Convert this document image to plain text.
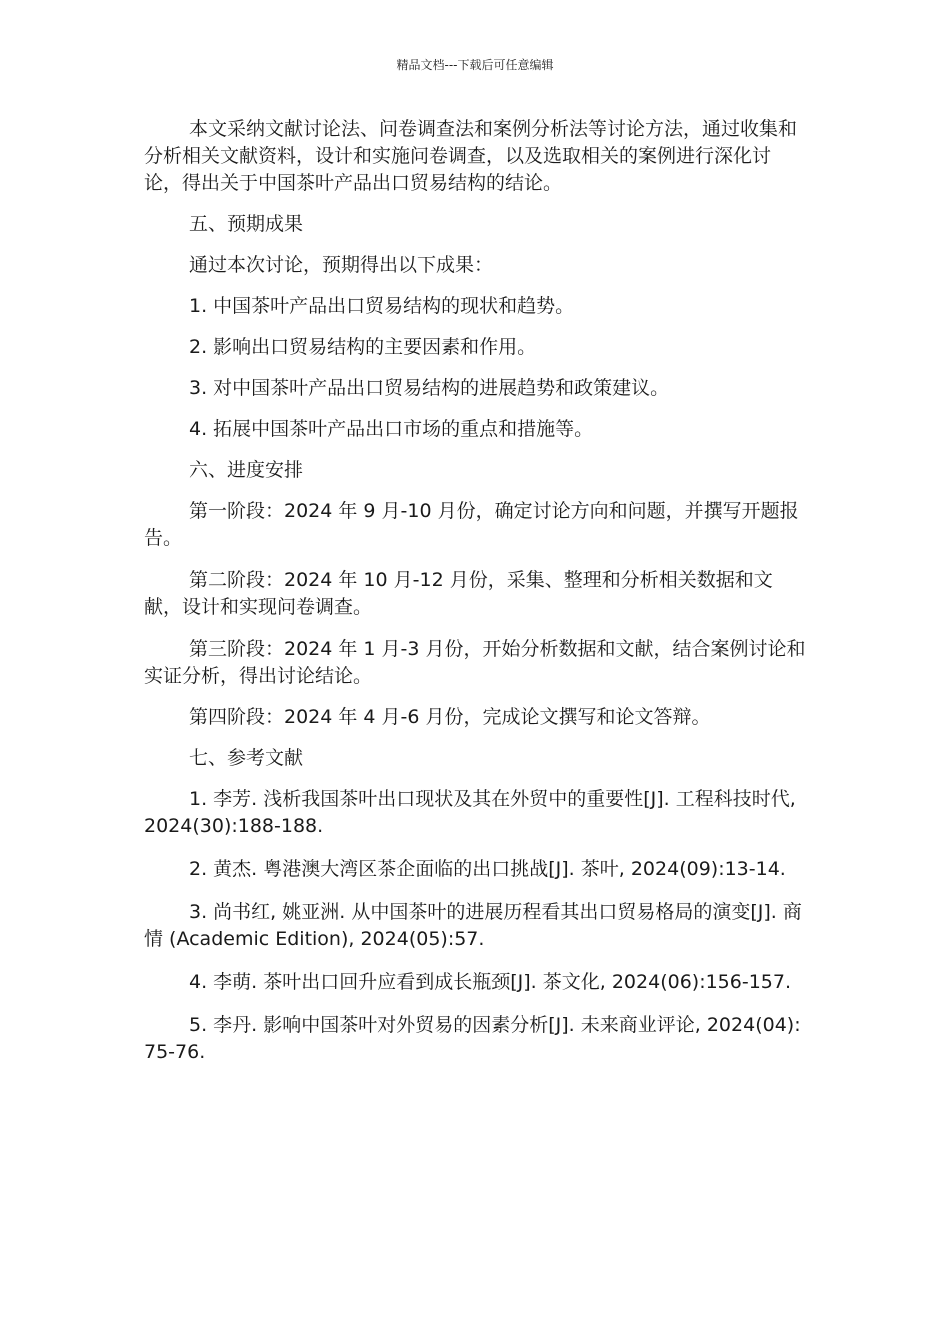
精品文档---下载后可任意编辑

本文采纳文献讨论法、问卷调查法和案例分析法等讨论方法，通过收集和分析相关文献资料，设计和实施问卷调查，以及选取相关的案例进行深化讨论，得出关于中国茶叶产品出口贸易结构的结论。

五、预期成果

通过本次讨论，预期得出以下成果：

1. 中国茶叶产品出口贸易结构的现状和趋势。

2. 影响出口贸易结构的主要因素和作用。

3. 对中国茶叶产品出口贸易结构的进展趋势和政策建议。

4. 拓展中国茶叶产品出口市场的重点和措施等。

六、进度安排

第一阶段：2024 年 9 月-10 月份，确定讨论方向和问题，并撰写开题报告。

第二阶段：2024 年 10 月-12 月份，采集、整理和分析相关数据和文献，设计和实现问卷调查。

第三阶段：2024 年 1 月-3 月份，开始分析数据和文献，结合案例讨论和实证分析，得出讨论结论。

第四阶段：2024 年 4 月-6 月份，完成论文撰写和论文答辩。

七、参考文献

1. 李芳. 浅析我国茶叶出口现状及其在外贸中的重要性[J]. 工程科技时代, 2024(30):188-188.

2. 黄杰. 粤港澳大湾区茶企面临的出口挑战[J]. 茶叶, 2024(09):13-14.

3. 尚书红, 姚亚洲. 从中国茶叶的进展历程看其出口贸易格局的演变[J]. 商情 (Academic Edition), 2024(05):57.

4. 李萌. 茶叶出口回升应看到成长瓶颈[J]. 茶文化, 2024(06):156-157.

5. 李丹. 影响中国茶叶对外贸易的因素分析[J]. 未来商业评论, 2024(04):75-76.
